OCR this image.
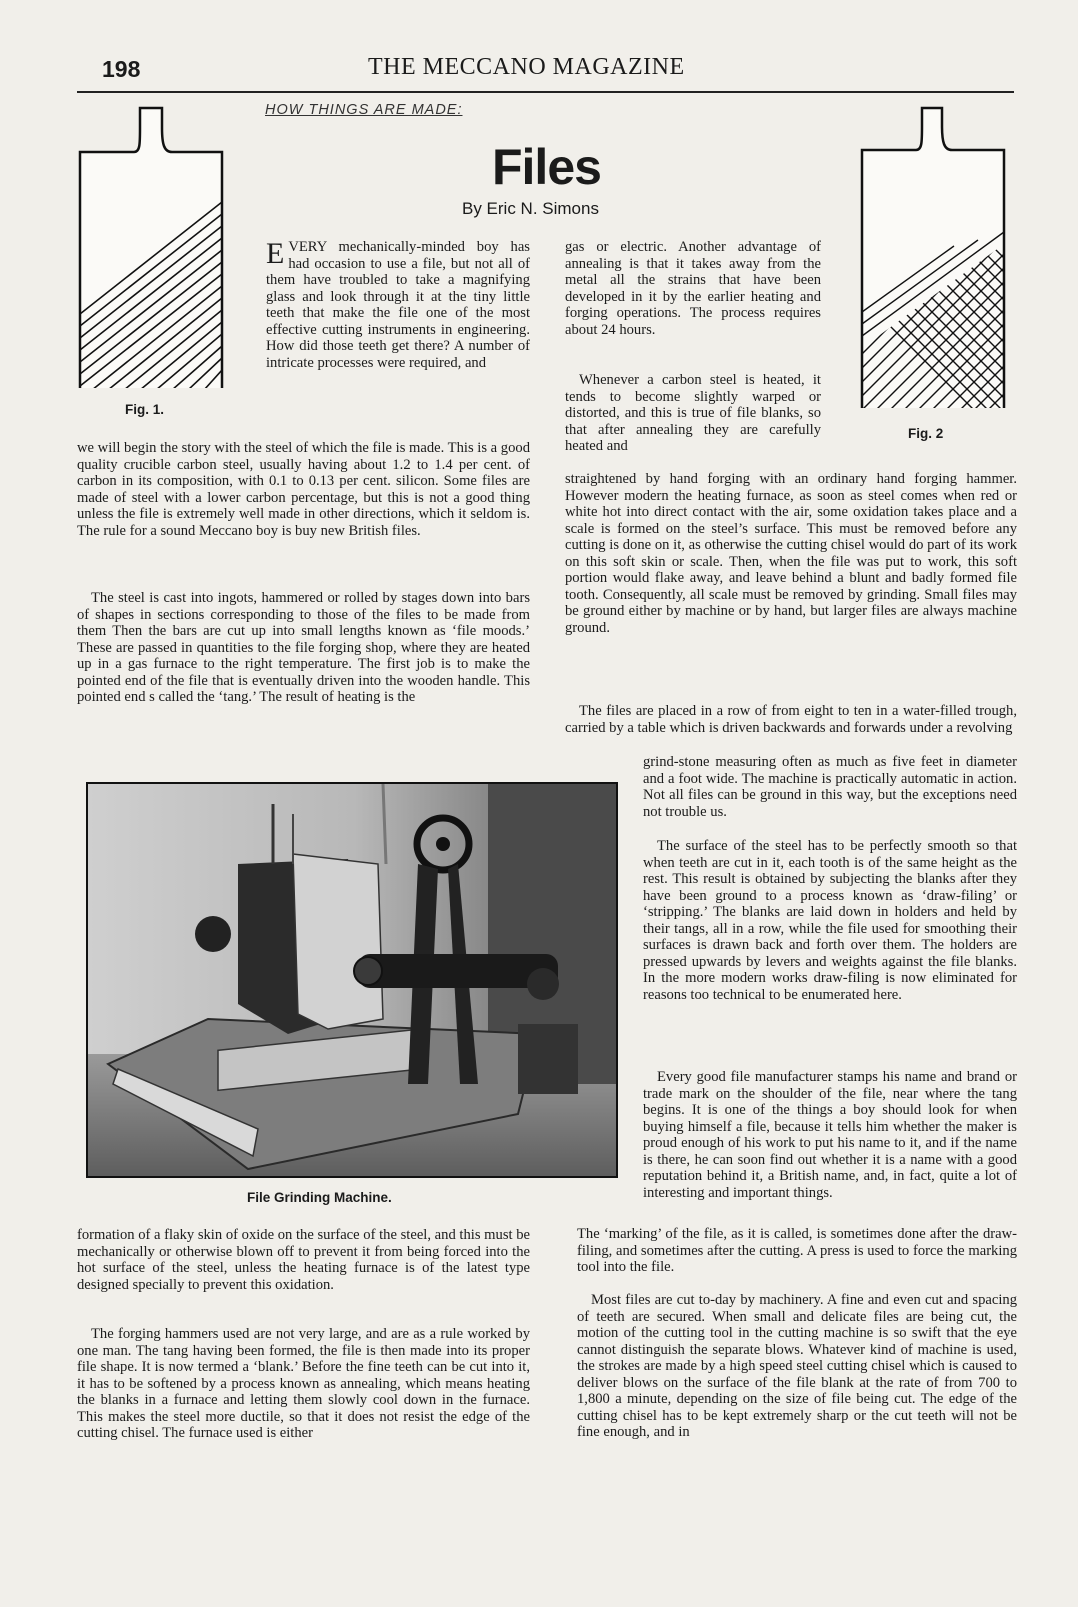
198	THE MECCANO MAGAZINE
HOW THINGS ARE MADE:
Files
By Eric N. Simons
Fig. 1.
Fig. 2

EVERY mechanically-minded boy has had occasion to use a file, but not all of them have troubled to take a magnifying glass and look through it at the tiny little teeth that make the file one of the most effective cutting instruments in engineering. How did those teeth get there? A number of intricate processes were required, and

we will begin the story with the steel of which the file is made. This is a good quality crucible carbon steel, usually having about 1.2 to 1.4 per cent. of carbon in its composition, with 0.1 to 0.13 per cent. silicon. Some files are made of steel with a lower carbon percentage, but this is not a good thing unless the file is extremely well made in other directions, which it seldom is. The rule for a sound Meccano boy is buy new British files.

The steel is cast into ingots, hammered or rolled by stages down into bars of shapes in sections corresponding to those of the files to be made from them Then the bars are cut up into small lengths known as ‘file moods.’ These are passed in quantities to the file forging shop, where they are heated up in a gas furnace to the right temperature. The first job is to make the pointed end of the file that is eventually driven into the wooden handle. This pointed end s called the ‘tang.’ The result of heating is the

File Grinding Machine.

formation of a flaky skin of oxide on the surface of the steel, and this must be mechanically or otherwise blown off to prevent it from being forced into the hot surface of the steel, unless the heating furnace is of the latest type designed specially to prevent this oxidation.

The forging hammers used are not very large, and are as a rule worked by one man. The tang having been formed, the file is then made into its proper file shape. It is now termed a ‘blank.’ Before the fine teeth can be cut into it, it has to be softened by a process known as annealing, which means heating the blanks in a furnace and letting them slowly cool down in the furnace. This makes the steel more ductile, so that it does not resist the edge of the cutting chisel. The furnace used is either

gas or electric. Another advantage of annealing is that it takes away from the metal all the strains that have been developed in it by the earlier heating and forging operations. The process requires about 24 hours.

Whenever a carbon steel is heated, it tends to become slightly warped or distorted, and this is true of file blanks, so that after annealing they are carefully heated and

straightened by hand forging with an ordinary hand forging hammer. However modern the heating furnace, as soon as steel comes when red or white hot into direct contact with the air, some oxidation takes place and a scale is formed on the steel’s surface. This must be removed before any cutting is done on it, as otherwise the cutting chisel would do part of its work on this soft skin or scale. Then, when the file was put to work, this soft portion would flake away, and leave behind a blunt and badly formed file tooth. Consequently, all scale must be removed by grinding. Small files may be ground either by machine or by hand, but larger files are always machine ground.

The files are placed in a row of from eight to ten in a water-filled trough, carried by a table which is driven backwards and forwards under a revolving

grind-stone measuring often as much as five feet in diameter and a foot wide. The machine is practically automatic in action. Not all files can be ground in this way, but the exceptions need not trouble us.

The surface of the steel has to be perfectly smooth so that when teeth are cut in it, each tooth is of the same height as the rest. This result is obtained by subjecting the blanks after they have been ground to a process known as ‘draw-filing’ or ‘stripping.’ The blanks are laid down in holders and held by their tangs, all in a row, while the file used for smoothing their surfaces is drawn back and forth over them. The holders are pressed upwards by levers and weights against the file blanks. In the more modern works draw-filing is now eliminated for reasons too technical to be enumerated here.

Every good file manufacturer stamps his name and brand or trade mark on the shoulder of the file, near where the tang begins. It is one of the things a boy should look for when buying himself a file, because it tells him whether the maker is proud enough of his work to put his name to it, and if the name is there, he can soon find out whether it is a name with a good reputation behind it, a British name, and, in fact, quite a lot of interesting and important things.

The ‘marking’ of the file, as it is called, is sometimes done after the draw-filing, and sometimes after the cutting. A press is used to force the marking tool into the file.

Most files are cut to-day by machinery. A fine and even cut and spacing of teeth are secured. When small and delicate files are being cut, the motion of the cutting tool in the cutting machine is so swift that the eye cannot distinguish the separate blows. Whatever kind of machine is used, the strokes are made by a high speed steel cutting chisel which is caused to deliver blows on the surface of the file blank at the rate of from 700 to 1,800 a minute, depending on the size of file being cut. The edge of the cutting chisel has to be kept extremely sharp or the cut teeth will not be fine enough, and in
